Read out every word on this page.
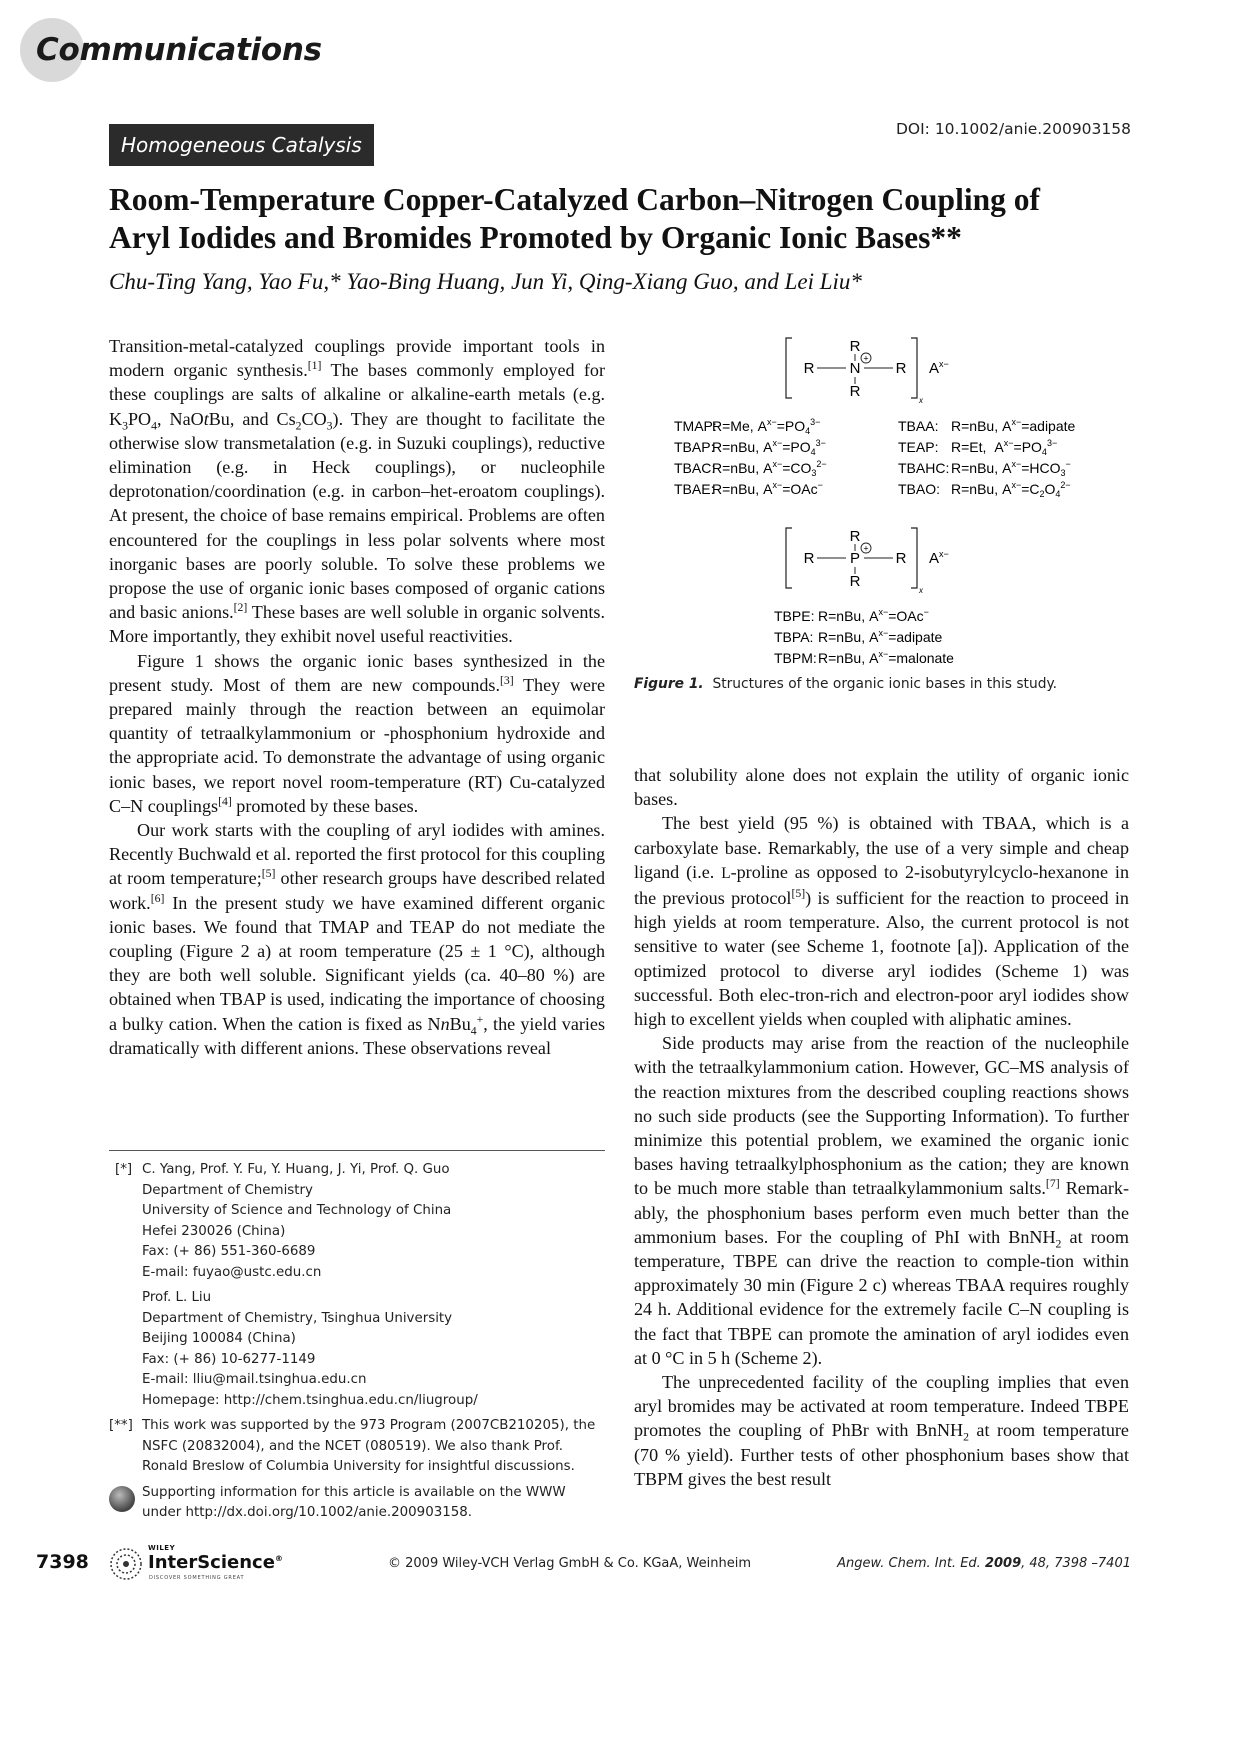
Communications
Homogeneous Catalysis
DOI: 10.1002/anie.200903158
Room-Temperature Copper-Catalyzed Carbon–Nitrogen Coupling of
Aryl Iodides and Bromides Promoted by Organic Ionic Bases**
Chu-Ting Yang, Yao Fu,* Yao-Bing Huang, Jun Yi, Qing-Xiang Guo, and Lei Liu*

Transition-metal-catalyzed couplings provide important tools in modern organic synthesis.[1] The bases commonly employed for these couplings are salts of alkaline or alkaline-earth metals (e.g. $K_3PO_4$, NaOtBu, and $Cs_2CO_3$). They are thought to facilitate the otherwise slow transmetalation (e.g. in Suzuki couplings), reductive elimination (e.g. in Heck couplings), or nucleophile deprotonation/coordination (e.g. in carbon–het-eroatom couplings). At present, the choice of base remains empirical. Problems are often encountered for the couplings in less polar solvents where most inorganic bases are poorly soluble. To solve these problems we propose the use of organic ionic bases composed of organic cations and basic anions.[2] These bases are well soluble in organic solvents. More importantly, they exhibit novel useful reactivities.

Figure 1 shows the organic ionic bases synthesized in the present study. Most of them are new compounds.[3] They were prepared mainly through the reaction between an equimolar quantity of tetraalkylammonium or -phosphonium hydroxide and the appropriate acid. To demonstrate the advantage of using organic ionic bases, we report novel room-temperature (RT) Cu-catalyzed C–N couplings[4] promoted by these bases.

Our work starts with the coupling of aryl iodides with amines. Recently Buchwald et al. reported the first protocol for this coupling at room temperature;[5] other research groups have described related work.[6] In the present study we have examined different organic ionic bases. We found that TMAP and TEAP do not mediate the coupling (Figure 2 a) at room temperature (25 ± 1 °C), although they are both well soluble. Significant yields (ca. 40–80 %) are obtained when TBAP is used, indicating the importance of choosing a bulky cation. When the cation is fixed as NnBu$_4$+, the yield varies dramatically with different anions. These observations reveal

R
+
R N R
R
x
$A^{x-}$
TMAP:
R=Me, $A^{x-}=PO_4^{3-}$
TBAP:
R=nBu, $A^{x-}=PO_4^{3-}$
TBAC:
R=nBu, $A^{x-}=CO_3^{2-}$
TBAE:
R=nBu, $A^{x-}=OAc^-$
TBAA: R=nBu, $A^{x-}=adipate$
TEAP: R=Et, $A^{x-}=PO_4^{3-}$
TBAHC: R=nBu, $A^{x-}=HCO_3^-$
TBAO: R=nBu, $A^{x-}=C_2O_4^{2-}$
R
+
R P R
R
x
$A^{x-}$
TBPE: R=nBu, $A^{x-}=OAc^-$
TBPA: R=nBu, $A^{x-}=adipate$
TBPM: R=nBu, $A^{x-}=malonate$
Figure 1. Structures of the organic ionic bases in this study.

that solubility alone does not explain the utility of organic ionic bases.

The best yield (95 %) is obtained with TBAA, which is a carboxylate base. Remarkably, the use of a very simple and cheap ligand (i.e. L-proline as opposed to 2-isobutyrylcyclo-hexanone in the previous protocol[5]) is sufficient for the reaction to proceed in high yields at room temperature. Also, the current protocol is not sensitive to water (see Scheme 1, footnote [a]). Application of the optimized protocol to diverse aryl iodides (Scheme 1) was successful. Both elec-tron-rich and electron-poor aryl iodides show high to excellent yields when coupled with aliphatic amines.

Side products may arise from the reaction of the nucleophile with the tetraalkylammonium cation. However, GC–MS analysis of the reaction mixtures from the described coupling reactions shows no such side products (see the Supporting Information). To further minimize this potential problem, we examined the organic ionic bases having tetraalkylphosphonium as the cation; they are known to be much more stable than tetraalkylammonium salts.[7] Remark-ably, the phosphonium bases perform even much better than the ammonium bases. For the coupling of PhI with BnNH$_2$ at room temperature, TBPE can drive the reaction to comple-tion within approximately 30 min (Figure 2 c) whereas TBAA requires roughly 24 h. Additional evidence for the extremely facile C–N coupling is the fact that TBPE can promote the amination of aryl iodides even at 0 °C in 5 h (Scheme 2).

The unprecedented facility of the coupling implies that even aryl bromides may be activated at room temperature. Indeed TBPE promotes the coupling of PhBr with BnNH$_2$ at room temperature (70 % yield). Further tests of other phosphonium bases show that TBPM gives the best result

[*] C. Yang, Prof. Y. Fu, Y. Huang, J. Yi, Prof. Q. Guo
Department of Chemistry
University of Science and Technology of China
Hefei 230026 (China)
Fax: (+ 86) 551-360-6689
E-mail: fuyao@ustc.edu.cn
Prof. L. Liu
Department of Chemistry, Tsinghua University
Beijing 100084 (China)
Fax: (+ 86) 10-6277-1149
E-mail: lliu@mail.tsinghua.edu.cn
Homepage: http://chem.tsinghua.edu.cn/liugroup/
[**] This work was supported by the 973 Program (2007CB210205), the
NSFC (20832004), and the NCET (080519). We also thank Prof.
Ronald Breslow of Columbia University for insightful discussions.
Supporting information for this article is available on the WWW
under http://dx.doi.org/10.1002/anie.200903158.
7398
WILEY
InterScience®
DISCOVER SOMETHING GREAT
© 2009 Wiley-VCH Verlag GmbH & Co. KGaA, Weinheim	Angew. Chem. Int. Ed. 2009, 48, 7398 –7401
